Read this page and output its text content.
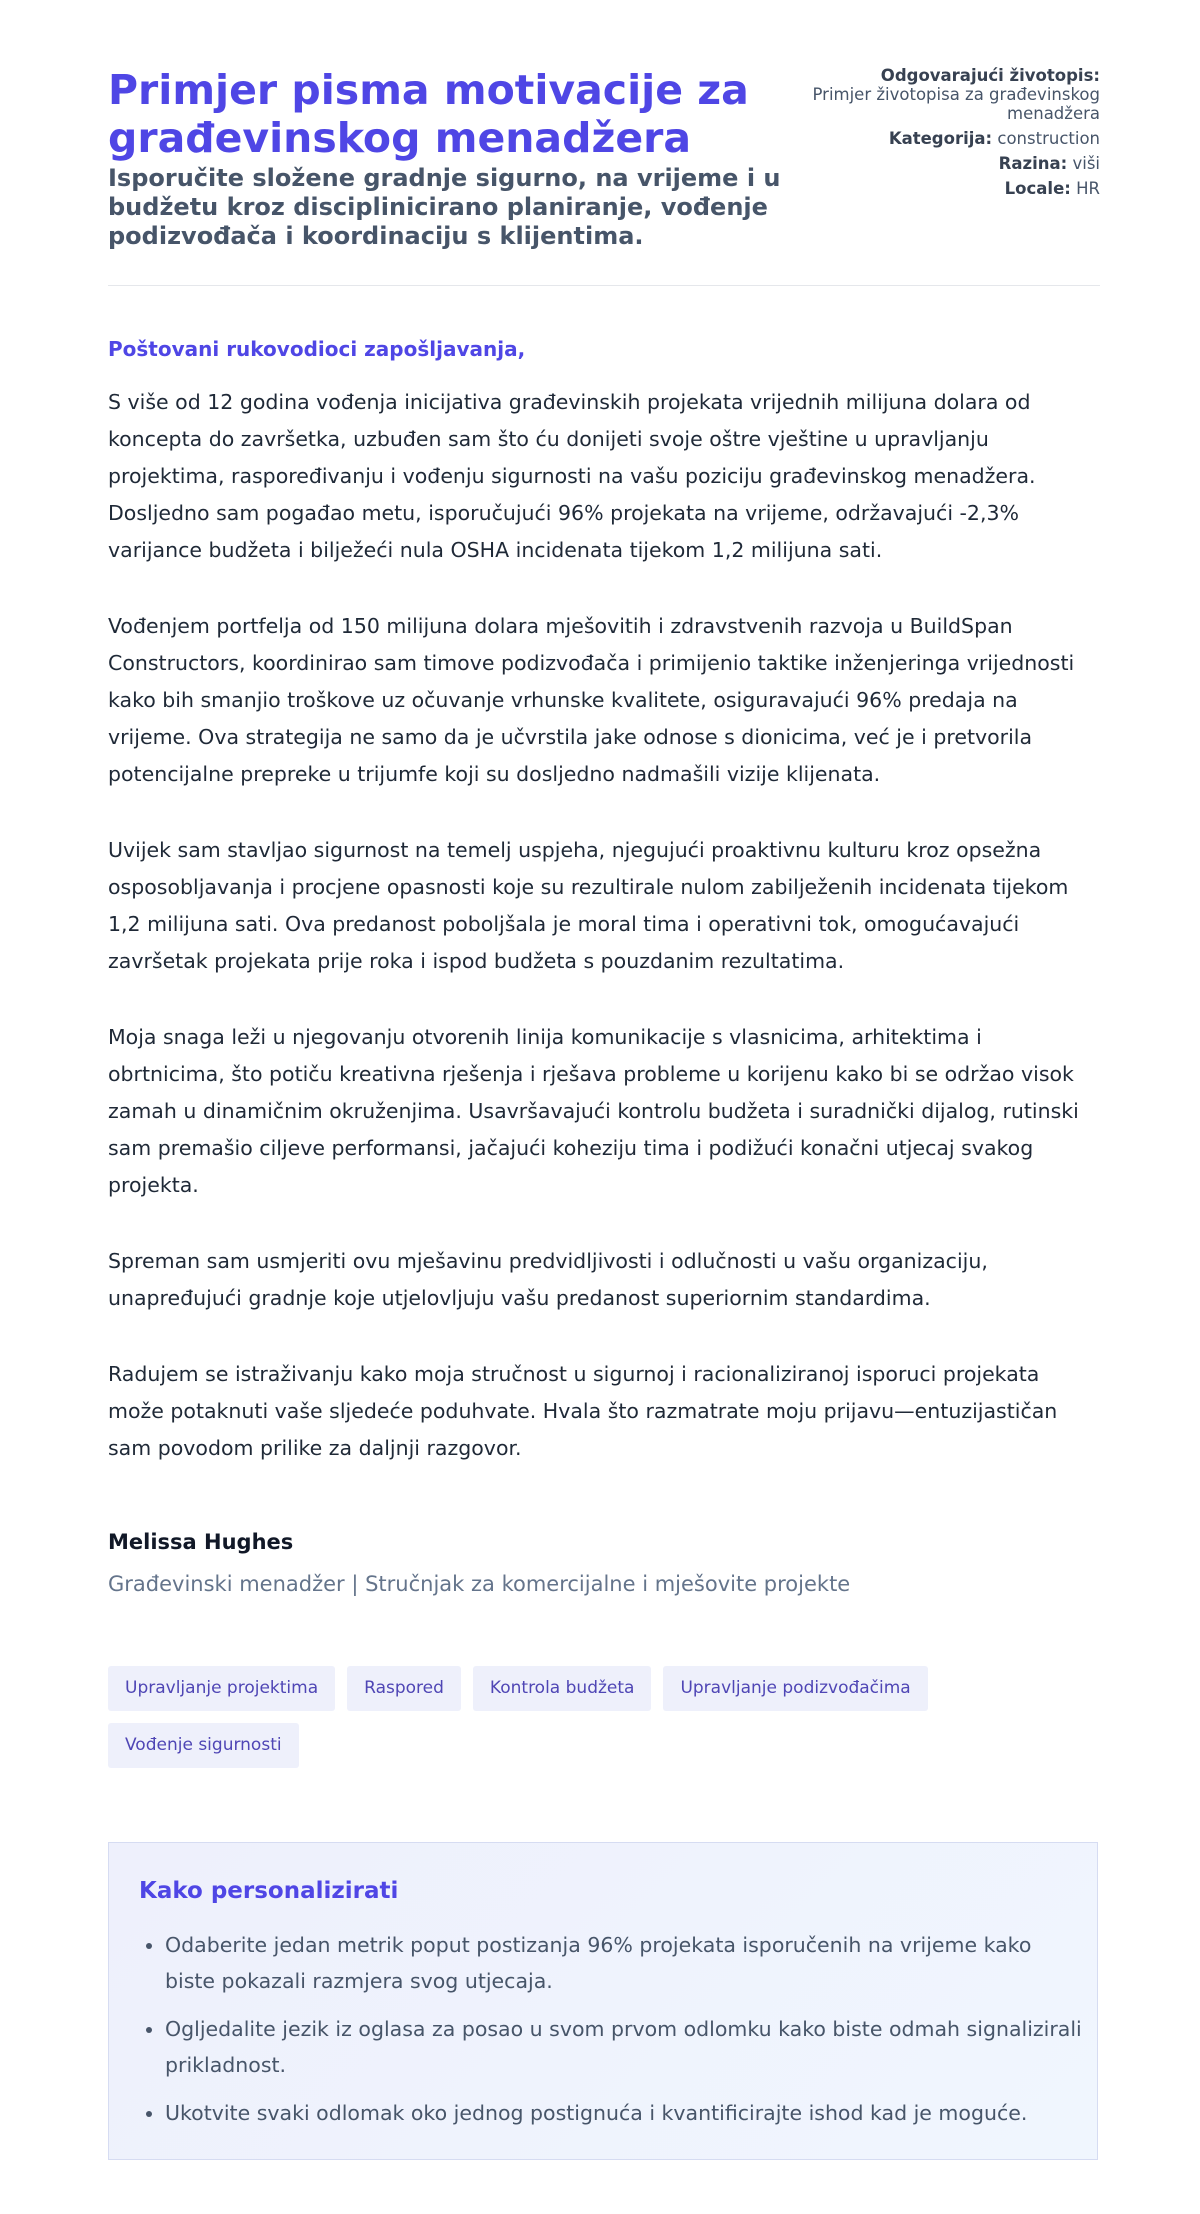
Primjer pisma motivacije za građevinskog menadžera

Isporučite složene gradnje sigurno, na vrijeme i u budžetu kroz disciplinicirano planiranje, vođenje podizvođača i koordinaciju s klijentima.

Odgovarajući životopis:
Primjer životopisa za građevinskog menadžera
Kategorija: construction
Razina: viši
Locale: HR

Poštovani rukovodioci zapošljavanja,

S više od 12 godina vođenja inicijativa građevinskih projekata vrijednih milijuna dolara od koncepta do završetka, uzbuđen sam što ću donijeti svoje oštre vještine u upravljanju projektima, raspoređivanju i vođenju sigurnosti na vašu poziciju građevinskog menadžera. Dosljedno sam pogađao metu, isporučujući 96% projekata na vrijeme, održavajući -2,3% varijance budžeta i bilježeći nula OSHA incidenata tijekom 1,2 milijuna sati.

Vođenjem portfelja od 150 milijuna dolara mješovitih i zdravstvenih razvoja u BuildSpan Constructors, koordinirao sam timove podizvođača i primijenio taktike inženjeringa vrijednosti kako bih smanjio troškove uz očuvanje vrhunske kvalitete, osiguravajući 96% predaja na vrijeme. Ova strategija ne samo da je učvrstila jake odnose s dionicima, već je i pretvorila potencijalne prepreke u trijumfe koji su dosljedno nadmašili vizije klijenata.

Uvijek sam stavljao sigurnost na temelj uspjeha, njegujući proaktivnu kulturu kroz opsežna osposobljavanja i procjene opasnosti koje su rezultirale nulom zabilježenih incidenata tijekom 1,2 milijuna sati. Ova predanost poboljšala je moral tima i operativni tok, omogućavajući završetak projekata prije roka i ispod budžeta s pouzdanim rezultatima.

Moja snaga leži u njegovanju otvorenih linija komunikacije s vlasnicima, arhitektima i obrtnicima, što potiču kreativna rješenja i rješava probleme u korijenu kako bi se održao visok zamah u dinamičnim okruženjima. Usavršavajući kontrolu budžeta i suradnički dijalog, rutinski sam premašio ciljeve performansi, jačajući koheziju tima i podižući konačni utjecaj svakog projekta.

Spreman sam usmjeriti ovu mješavinu predvidljivosti i odlučnosti u vašu organizaciju, unapređujući gradnje koje utjelovljuju vašu predanost superiornim standardima.

Radujem se istraživanju kako moja stručnost u sigurnoj i racionaliziranoj isporuci projekata može potaknuti vaše sljedeće poduhvate. Hvala što razmatrate moju prijavu—entuzijastičan sam povodom prilike za daljnji razgovor.

Melissa Hughes

Građevinski menadžer | Stručnjak za komercijalne i mješovite projekte

Upravljanje projektima	Raspored	Kontrola budžeta	Upravljanje podizvođačima
Vođenje sigurnosti
Kako personalizirati
• Odaberite jedan metrik poput postizanja 96% projekata isporučenih na vrijeme kako biste pokazali razmjera svog utjecaja.
• Ogljedalite jezik iz oglasa za posao u svom prvom odlomku kako biste odmah signalizirali prikladnost.
• Ukotvite svaki odlomak oko jednog postignuća i kvantificirajte ishod kad je moguće.
